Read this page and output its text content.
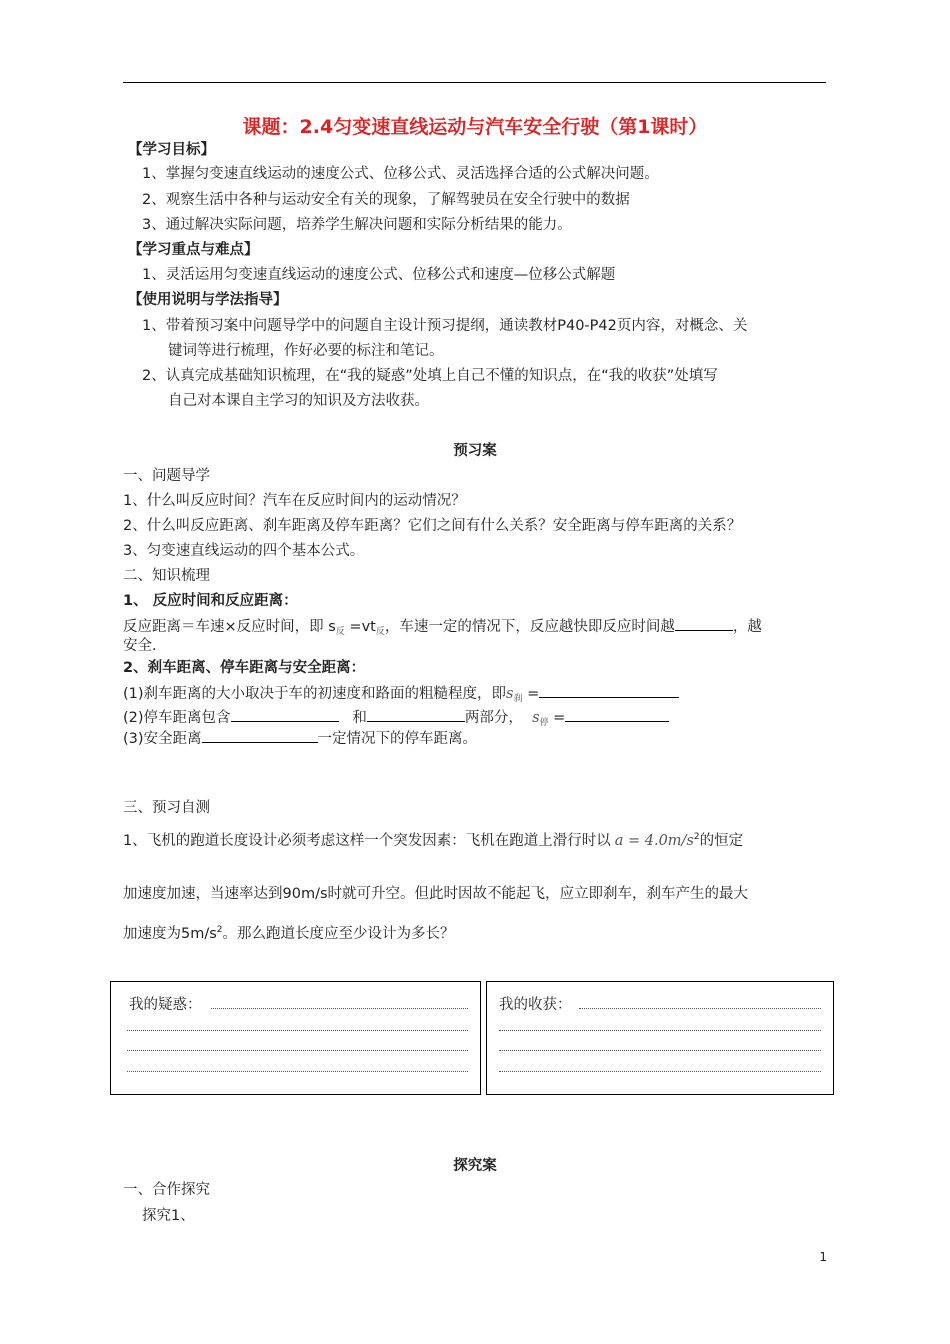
课题：2.4匀变速直线运动与汽车安全行驶（第1课时）
【学习目标】
1、掌握匀变速直线运动的速度公式、位移公式、灵活选择合适的公式解决问题。
2、观察生活中各种与运动安全有关的现象，了解驾驶员在安全行驶中的数据
3、通过解决实际问题，培养学生解决问题和实际分析结果的能力。
【学习重点与难点】
1、灵活运用匀变速直线运动的速度公式、位移公式和速度—位移公式解题
【使用说明与学法指导】
1、带着预习案中问题导学中的问题自主设计预习提纲，通读教材P40-P42页内容，对概念、关
键词等进行梳理，作好必要的标注和笔记。
2、认真完成基础知识梳理，在“我的疑惑”处填上自己不懂的知识点，在“我的收获”处填写
自己对本课自主学习的知识及方法收获。
预习案
一、问题导学
1、什么叫反应时间？汽车在反应时间内的运动情况？
2、什么叫反应距离、刹车距离及停车距离？它们之间有什么关系？安全距离与停车距离的关系？
3、匀变速直线运动的四个基本公式。
二、知识梳理
1、 反应时间和反应距离：
反应距离＝车速×反应时间，即 $s_反 =vt_反$，车速一定的情况下，反应越快即反应时间越	，越
安全.
2、刹车距离、停车距离与安全距离：
(1)刹车距离的大小取决于车的初速度和路面的粗糙程度，即$s_刹$ =
(2)停车距离包含	和	两部分， $s_停$ =
(3)安全距离	一定情况下的停车距离。
三、预习自测
1、飞机的跑道长度设计必须考虑这样一个突发因素：飞机在跑道上滑行时以 $a = 4.0m/s^2$的恒定
加速度加速，当速率达到90m/s时就可升空。但此时因故不能起飞，应立即刹车，刹车产生的最大
加速度为$5m/s^2$。那么跑道长度应至少设计为多长？
我的疑惑：	我的收获：
探究案
一、合作探究
探究1、
1
